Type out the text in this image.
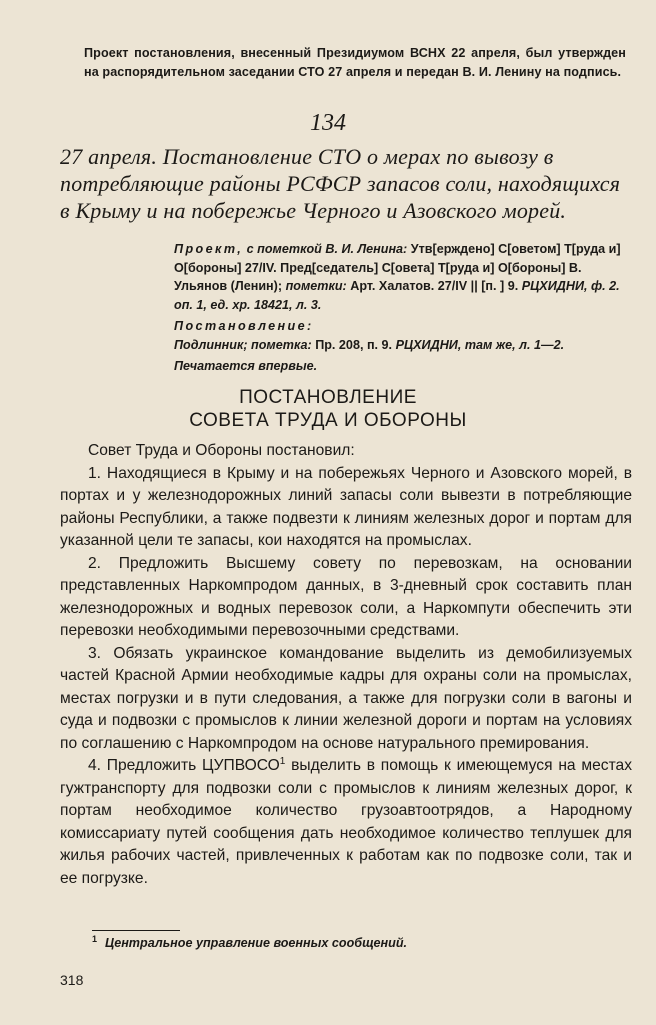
Проект постановления, внесенный Президиумом ВСНХ 22 апреля, был утвержден на распорядительном заседании СТО 27 апреля и передан В. И. Ленину на подпись.
134
27 апреля. Постановление СТО о мерах по вывозу в потребляющие районы РСФСР запасов соли, находящихся в Крыму и на побережье Черного и Азовского морей.

Проект, с пометкой В. И. Ленина: Утв[ерждено] С[оветом] Т[руда и] О[бороны] 27/IV. Пред[седатель] С[овета] Т[руда и] О[бороны] В. Ульянов (Ленин); пометки: Арт. Халатов. 27/IV || [п. ] 9. РЦХИДНИ, ф. 2. оп. 1, ед. хр. 18421, л. 3.

Постановление:

Подлинник; пометка: Пр. 208, п. 9. РЦХИДНИ, там же, л. 1—2.

Печатается впервые.

ПОСТАНОВЛЕНИЕ
СОВЕТА ТРУДА И ОБОРОНЫ

Совет Труда и Обороны постановил:

1. Находящиеся в Крыму и на побережьях Черного и Азовского морей, в портах и у железнодорожных линий запасы соли вывезти в потребляющие районы Республики, а также подвезти к линиям железных дорог и портам для указанной цели те запасы, кои находятся на промыслах.

2. Предложить Высшему совету по перевозкам, на основании представленных Наркомпродом данных, в 3-дневный срок составить план железнодорожных и водных перевозок соли, а Наркомпути обеспечить эти перевозки необходимыми перевозочными средствами.

3. Обязать украинское командование выделить из демобилизуемых частей Красной Армии необходимые кадры для охраны соли на промыслах, местах погрузки и в пути следования, а также для погрузки соли в вагоны и суда и подвозки с промыслов к линии железной дороги и портам на условиях по соглашению с Наркомпродом на основе натурального премирования.

4. Предложить ЦУПВОСО$^1$ выделить в помощь к имеющемуся на местах гужтранспорту для подвозки соли с промыслов к линиям железных дорог, к портам необходимое количество грузоавтоотрядов, а Народному комиссариату путей сообщения дать необходимое количество теплушек для жилья рабочих частей, привлеченных к работам как по подвозке соли, так и ее погрузке.

$^1$ Центральное управление военных сообщений.
318
